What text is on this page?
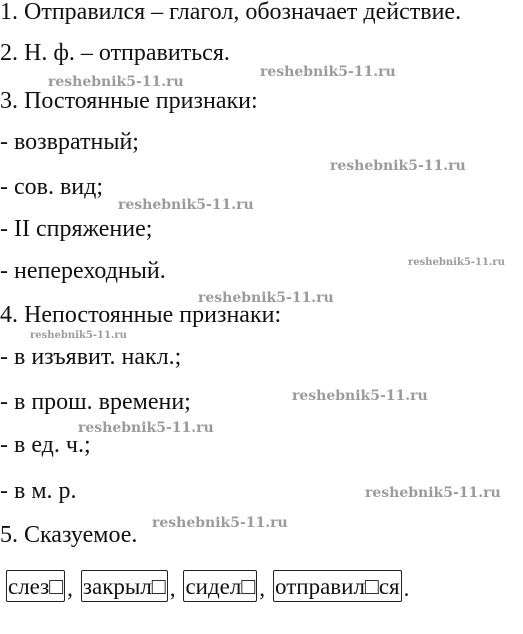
1. Отправился – глагол, обозначает действие.
2. Н. ф. – отправиться.
3. Постоянные признаки:
- возвратный;
- сов. вид;
- II спряжение;
- непереходный.
4. Непостоянные признаки:
- в изъявит. накл.;
- в прош. времени;
- в ед. ч.;
- в м. р.
5. Сказуемое.
reshebnik5-11.ru
reshebnik5-11.ru
reshebnik5-11.ru
reshebnik5-11.ru
reshebnik5-11.ru
reshebnik5-11.ru
reshebnik5-11.ru
reshebnik5-11.ru
reshebnik5-11.ru
reshebnik5-11.ru
reshebnik5-11.ru
слез□ , закрыл□ , сидел□ , отправил□ся .
